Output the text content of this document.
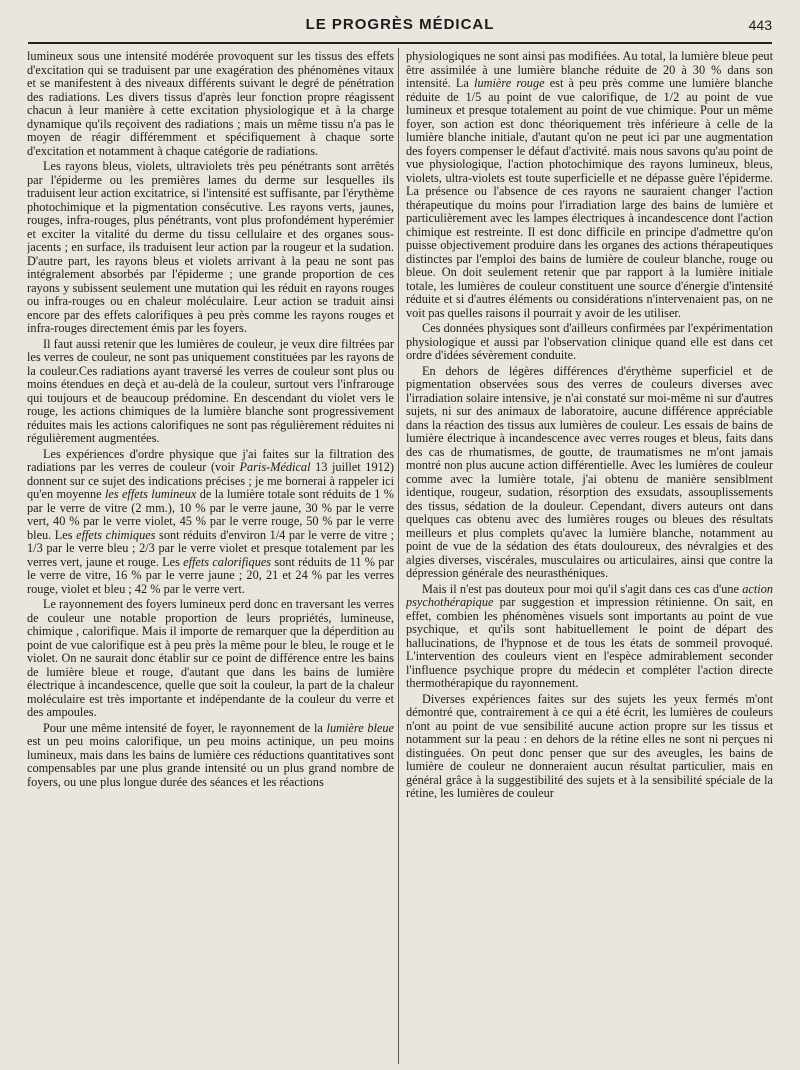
LE PROGRÈS MÉDICAL	443

lumineux sous une intensité modérée provoquent sur les tissus des effets d'excitation qui se traduisent par une exagération des phénomènes vitaux et se manifestent à des niveaux différents suivant le degré de pénétration des radiations. Les divers tissus d'après leur fonction propre réagissent chacun à leur manière à cette excitation physiologique et à la charge dynamique qu'ils reçoivent des radiations ; mais un même tissu n'a pas le moyen de réagir différemment et spécifiquement à chaque sorte d'excitation et notamment à chaque catégorie de radiations.

Les rayons bleus, violets, ultraviolets très peu pénétrants sont arrêtés par l'épiderme ou les premières lames du derme sur lesquelles ils traduisent leur action excitatrice, si l'intensité est suffisante, par l'érythème photochimique et la pigmentation consécutive. Les rayons verts, jaunes, rouges, infra-rouges, plus pénétrants, vont plus profondément hyperémier et exciter la vitalité du derme du tissu cellulaire et des organes sous-jacents ; en surface, ils traduisent leur action par la rougeur et la sudation. D'autre part, les rayons bleus et violets arrivant à la peau ne sont pas intégralement absorbés par l'épiderme ; une grande proportion de ces rayons y subissent seulement une mutation qui les réduit en rayons rouges ou infra-rouges ou en chaleur moléculaire. Leur action se traduit ainsi encore par des effets calorifiques à peu près comme les rayons rouges et infra-rouges directement émis par les foyers.

Il faut aussi retenir que les lumières de couleur, je veux dire filtrées par les verres de couleur, ne sont pas uniquement constituées par les rayons de la couleur.Ces radiations ayant traversé les verres de couleur sont plus ou moins étendues en deçà et au-delà de la couleur, surtout vers l'infrarouge qui toujours et de beaucoup prédomine. En descendant du violet vers le rouge, les actions chimiques de la lumière blanche sont progressivement réduites mais les actions calorifiques ne sont pas régulièrement réduites ni régulièrement augmentées.

Les expériences d'ordre physique que j'ai faites sur la filtration des radiations par les verres de couleur (voir Paris-Médical 13 juillet 1912) donnent sur ce sujet des indications précises ; je me bornerai à rappeler ici qu'en moyenne les effets lumineux de la lumière totale sont réduits de 1 % par le verre de vitre (2 mm.), 10 % par le verre jaune, 30 % par le verre vert, 40 % par le verre violet, 45 % par le verre rouge, 50 % par le verre bleu. Les effets chimiques sont réduits d'environ 1/4 par le verre de vitre ; 1/3 par le verre bleu ; 2/3 par le verre violet et presque totalement par les verres vert, jaune et rouge. Les effets calorifiques sont réduits de 11 % par le verre de vitre, 16 % par le verre jaune ; 20, 21 et 24 % par les verres rouge, violet et bleu ; 42 % par le verre vert.

Le rayonnement des foyers lumineux perd donc en traversant les verres de couleur une notable proportion de leurs propriétés, lumineuse, chimique , calorifique. Mais il importe de remarquer que la déperdition au point de vue calorifique est à peu près la même pour le bleu, le rouge et le violet. On ne saurait donc établir sur ce point de différence entre les bains de lumière bleue et rouge, d'autant que dans les bains de lumière électrique à incandescence, quelle que soit la couleur, la part de la chaleur moléculaire est très importante et indépendante de la couleur du verre et des ampoules.

Pour une même intensité de foyer, le rayonnement de la lumière bleue est un peu moins calorifique, un peu moins actinique, un peu moins lumineux, mais dans les bains de lumière ces réductions quantitatives sont compensables par une plus grande intensité ou un plus grand nombre de foyers, ou une plus longue durée des séances et les réactions

physiologiques ne sont ainsi pas modifiées. Au total, la lumière bleue peut être assimilée à une lumière blanche réduite de 20 à 30 % dans son intensité. La lumière rouge est à peu près comme une lumière blanche réduite de 1/5 au point de vue calorifique, de 1/2 au point de vue lumineux et presque totalement au point de vue chimique. Pour un même foyer, son action est donc théoriquement très inférieure à celle de la lumière blanche initiale, d'autant qu'on ne peut ici par une augmentation des foyers compenser le défaut d'activité. mais nous savons qu'au point de vue physiologique, l'action photochimique des rayons lumineux, bleus, violets, ultra-violets est toute superficielle et ne dépasse guère l'épiderme. La présence ou l'absence de ces rayons ne sauraient changer l'action thérapeutique du moins pour l'irradiation large des bains de lumière et particulièrement avec les lampes électriques à incandescence dont l'action chimique est restreinte. Il est donc difficile en principe d'admettre qu'on puisse objectivement produire dans les organes des actions thérapeutiques distinctes par l'emploi des bains de lumière de couleur blanche, rouge ou bleue. On doit seulement retenir que par rapport à la lumière initiale totale, les lumières de couleur constituent une source d'énergie d'intensité réduite et si d'autres éléments ou considérations n'intervenaient pas, on ne voit pas quelles raisons il pourrait y avoir de les utiliser.

Ces données physiques sont d'ailleurs confirmées par l'expérimentation physiologique et aussi par l'observation clinique quand elle est dans cet ordre d'idées sévèrement conduite.

En dehors de légères différences d'érythème superficiel et de pigmentation observées sous des verres de couleurs diverses avec l'irradiation solaire intensive, je n'ai constaté sur moi-même ni sur d'autres sujets, ni sur des animaux de laboratoire, aucune différence appréciable dans la réaction des tissus aux lumières de couleur. Les essais de bains de lumière électrique à incandescence avec verres rouges et bleus, faits dans des cas de rhumatismes, de goutte, de traumatismes ne m'ont jamais montré non plus aucune action différentielle. Avec les lumières de couleur comme avec la lumière totale, j'ai obtenu de manière sensiblment identique, rougeur, sudation, résorption des exsudats, assouplissements des tissus, sédation de la douleur. Cependant, divers auteurs ont dans quelques cas obtenu avec des lumières rouges ou bleues des résultats meilleurs et plus complets qu'avec la lumière blanche, notamment au point de vue de la sédation des états douloureux, des névralgies et des algies diverses, viscérales, musculaires ou articulaires, ainsi que contre la dépression générale des neurasthéniques.

Mais il n'est pas douteux pour moi qu'il s'agit dans ces cas d'une action psychothérapique par suggestion et impression rétinienne. On sait, en effet, combien les phénomènes visuels sont importants au point de vue psychique, et qu'ils sont habituellement le point de départ des hallucinations, de l'hypnose et de tous les états de sommeil provoqué. L'intervention des couleurs vient en l'espèce admirablement seconder l'influence psychique propre du médecin et compléter l'action directe thermothérapique du rayonnement.

Diverses expériences faites sur des sujets les yeux fermés m'ont démontré que, contrairement à ce qui a été écrit, les lumières de couleurs n'ont au point de vue sensibilité aucune action propre sur les tissus et notamment sur la peau : en dehors de la rétine elles ne sont ni perçues ni distinguées. On peut donc penser que sur des aveugles, les bains de lumière de couleur ne donneraient aucun résultat particulier, mais en général grâce à la suggestibilité des sujets et à la sensibilité spéciale de la rétine, les lumières de couleur
